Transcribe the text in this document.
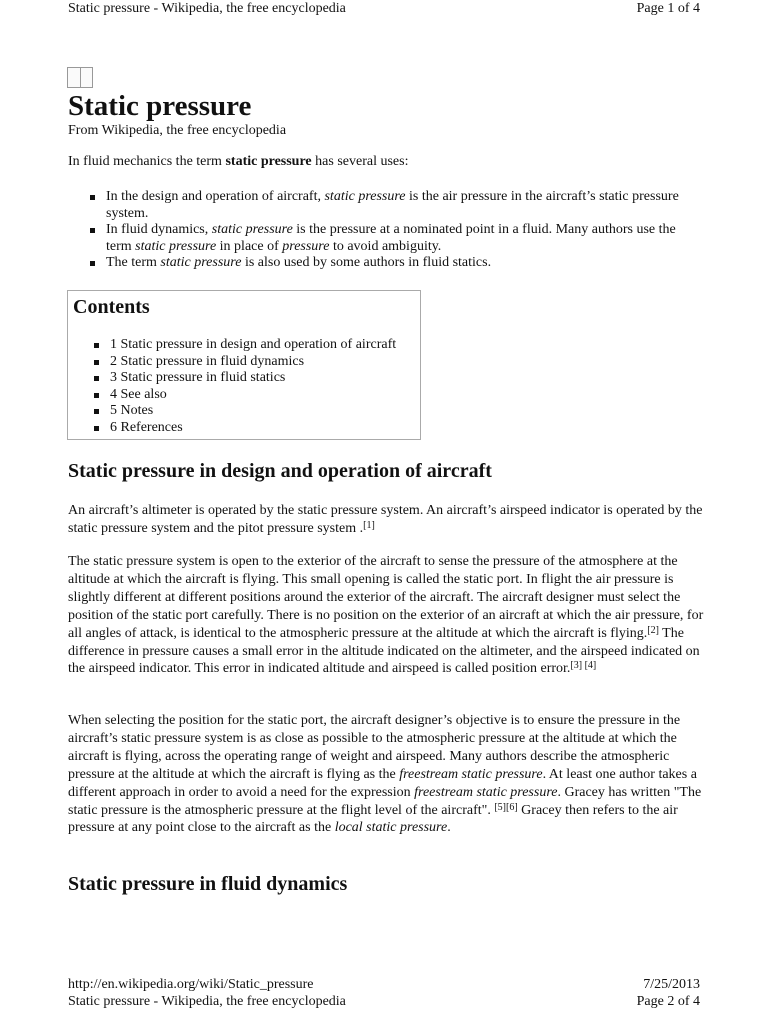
Static pressure - Wikipedia, the free encyclopedia	Page 1 of 4
Static pressure
From Wikipedia, the free encyclopedia
In fluid mechanics the term static pressure has several uses:
In the design and operation of aircraft, static pressure is the air pressure in the aircraft’s static pressure system.
In fluid dynamics, static pressure is the pressure at a nominated point in a fluid. Many authors use the term static pressure in place of pressure to avoid ambiguity.
The term static pressure is also used by some authors in fluid statics.
Contents
1 Static pressure in design and operation of aircraft
2 Static pressure in fluid dynamics
3 Static pressure in fluid statics
4 See also
5 Notes
6 References
Static pressure in design and operation of aircraft

An aircraft’s altimeter is operated by the static pressure system. An aircraft’s airspeed indicator is operated by the static pressure system and the pitot pressure system .[1]

The static pressure system is open to the exterior of the aircraft to sense the pressure of the atmosphere at the altitude at which the aircraft is flying. This small opening is called the static port. In flight the air pressure is slightly different at different positions around the exterior of the aircraft. The aircraft designer must select the position of the static port carefully. There is no position on the exterior of an aircraft at which the air pressure, for all angles of attack, is identical to the atmospheric pressure at the altitude at which the aircraft is flying.[2] The difference in pressure causes a small error in the altitude indicated on the altimeter, and the airspeed indicated on the airspeed indicator. This error in indicated altitude and airspeed is called position error.[3] [4]

When selecting the position for the static port, the aircraft designer’s objective is to ensure the pressure in the aircraft’s static pressure system is as close as possible to the atmospheric pressure at the altitude at which the aircraft is flying, across the operating range of weight and airspeed. Many authors describe the atmospheric pressure at the altitude at which the aircraft is flying as the freestream static pressure. At least one author takes a different approach in order to avoid a need for the expression freestream static pressure. Gracey has written "The static pressure is the atmospheric pressure at the flight level of the aircraft". [5][6] Gracey then refers to the air pressure at any point close to the aircraft as the local static pressure.

Static pressure in fluid dynamics
http://en.wikipedia.org/wiki/Static_pressure
Static pressure - Wikipedia, the free encyclopedia
7/25/2013
Page 2 of 4
